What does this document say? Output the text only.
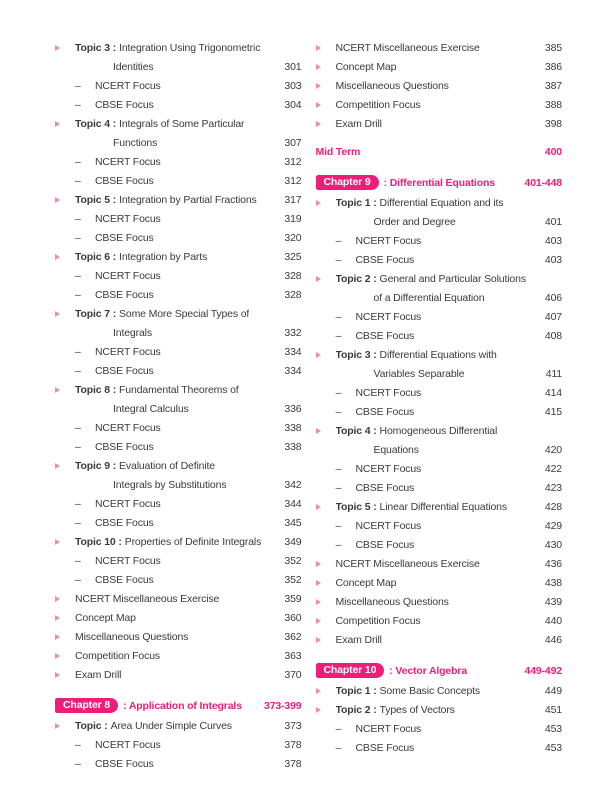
Topic 3 : Integration Using Trigonometric
Identities	301
–	NCERT Focus	303
–	CBSE Focus	304
Topic 4 : Integrals of Some Particular
Functions	307
–	NCERT Focus	312
–	CBSE Focus	312
Topic 5 : Integration by Partial Fractions	317
–	NCERT Focus	319
–	CBSE Focus	320
Topic 6 : Integration by Parts	325
–	NCERT Focus	328
–	CBSE Focus	328
Topic 7 : Some More Special Types of
Integrals	332
–	NCERT Focus	334
–	CBSE Focus	334
Topic 8 : Fundamental Theorems of
Integral Calculus	336
–	NCERT Focus	338
–	CBSE Focus	338
Topic 9 : Evaluation of Definite
Integrals by Substitutions	342
–	NCERT Focus	344
–	CBSE Focus	345
Topic 10 : Properties of Definite Integrals	349
–	NCERT Focus	352
–	CBSE Focus	352
NCERT Miscellaneous Exercise	359
Concept Map	360
Miscellaneous Questions	362
Competition Focus	363
Exam Drill	370
Chapter 8	: Application of Integrals	373-399
Topic : Area Under Simple Curves	373
–	NCERT Focus	378
–	CBSE Focus	378
NCERT Miscellaneous Exercise	385
Concept Map	386
Miscellaneous Questions	387
Competition Focus	388
Exam Drill	398
Mid Term	400
Chapter 9	: Differential Equations	401-448
Topic 1 : Differential Equation and its
Order and Degree	401
–	NCERT Focus	403
–	CBSE Focus	403
Topic 2 : General and Particular Solutions
of a Differential Equation	406
–	NCERT Focus	407
–	CBSE Focus	408
Topic 3 : Differential Equations with
Variables Separable	411
–	NCERT Focus	414
–	CBSE Focus	415
Topic 4 : Homogeneous Differential
Equations	420
–	NCERT Focus	422
–	CBSE Focus	423
Topic 5 : Linear Differential Equations	428
–	NCERT Focus	429
–	CBSE Focus	430
NCERT Miscellaneous Exercise	436
Concept Map	438
Miscellaneous Questions	439
Competition Focus	440
Exam Drill	446
Chapter 10	: Vector Algebra	449-492
Topic 1 : Some Basic Concepts	449
Topic 2 : Types of Vectors	451
–	NCERT Focus	453
–	CBSE Focus	453
